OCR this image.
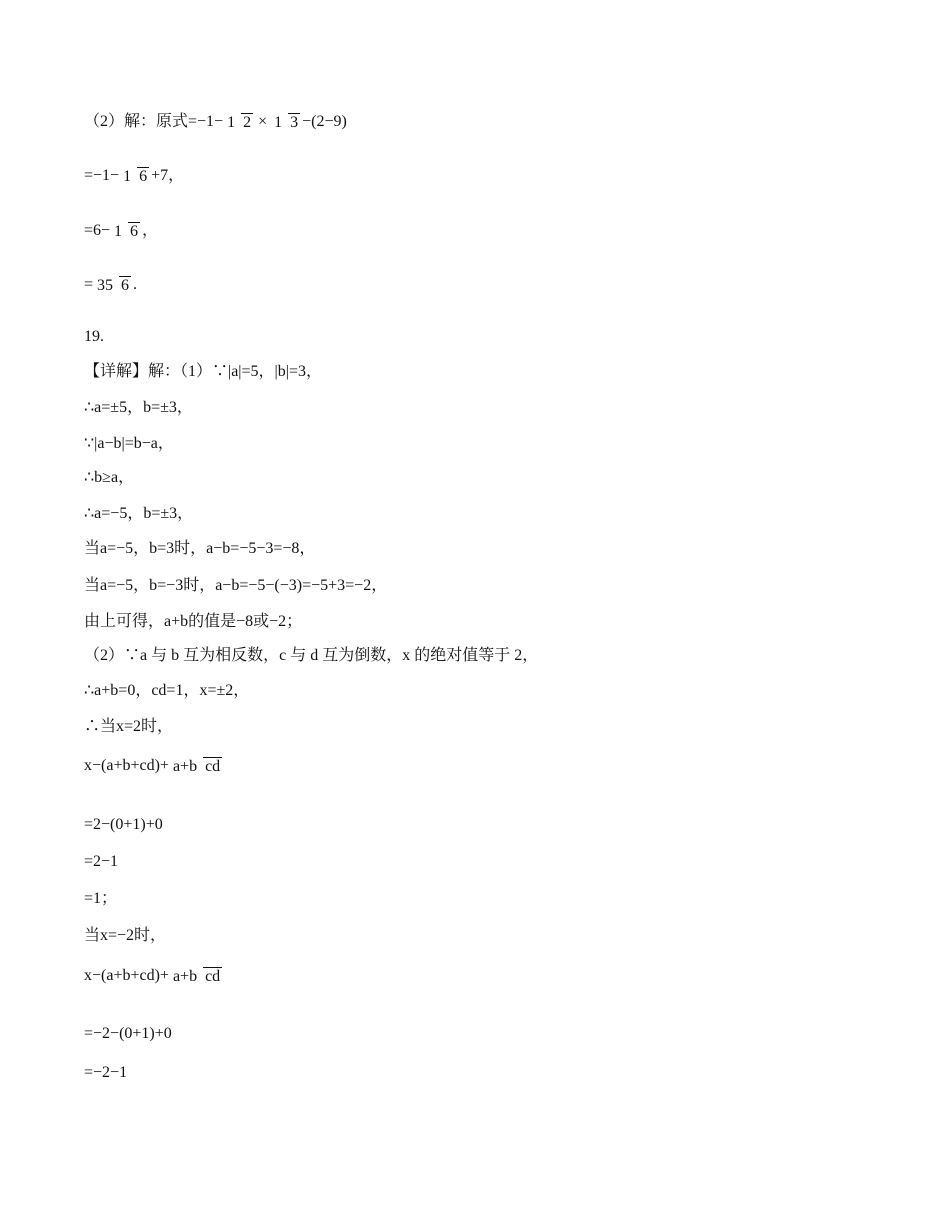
（2）解：原式=−1− 1 2 × 1 3 −(2−9)
=−1− 1 6 +7，
=6− 1 6 ，
= 35 6 .
19.
【详解】解：（1）∵|a|=5，|b|=3，
∴a=±5，b=±3，
∵|a−b|=b−a，
∴b≥a，
∴a=−5，b=±3，
当a=−5，b=3时，a−b=−5−3=−8，
当a=−5，b=−3时，a−b=−5−(−3)=−5+3=−2，
由上可得，a+b的值是−8或−2；
（2）∵a 与 b 互为相反数，c 与 d 互为倒数，x 的绝对值等于 2，
∴a+b=0，cd=1，x=±2，
∴当x=2时，
x−(a+b+cd)+ a+b cd
=2−(0+1)+0
=2−1
=1；
当x=−2时，
x−(a+b+cd)+ a+b cd
=−2−(0+1)+0
=−2−1
